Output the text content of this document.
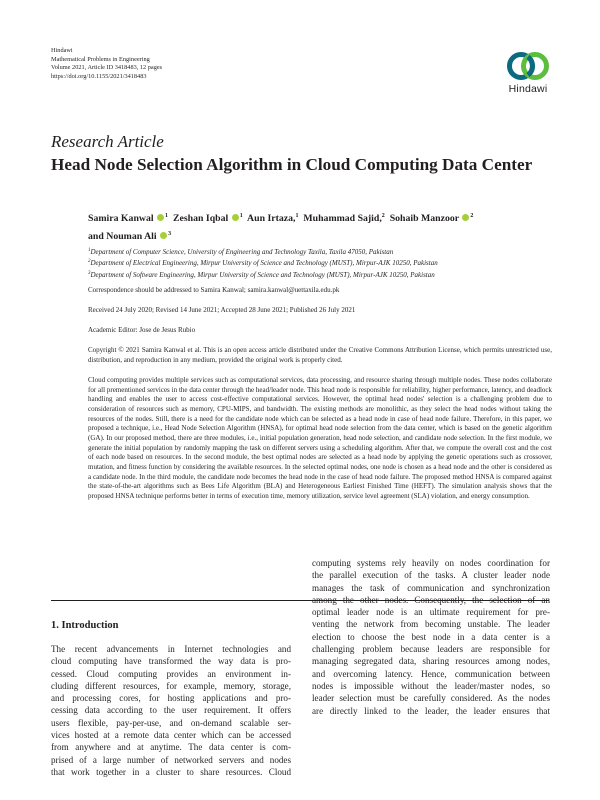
Hindawi
Mathematical Problems in Engineering
Volume 2021, Article ID 3418483, 12 pages
https://doi.org/10.1155/2021/3418483
Hindawi
Research Article
Head Node Selection Algorithm in Cloud Computing Data Center
Samira Kanwal $^1$ Zeshan Iqbal $^1$ Aun Irtaza,$^1$ Muhammad Sajid,$^2$ Sohaib Manzoor $^2$
and Nouman Ali $^3$
$^1$Department of Computer Science, University of Engineering and Technology Taxila, Taxila 47050, Pakistan
$^2$Department of Electrical Engineering, Mirpur University of Science and Technology (MUST), Mirpur-AJK 10250, Pakistan
$^3$Department of Software Engineering, Mirpur University of Science and Technology (MUST), Mirpur-AJK 10250, Pakistan
Correspondence should be addressed to Samira Kanwal; samira.kanwal@uettaxila.edu.pk
Received 24 July 2020; Revised 14 June 2021; Accepted 28 June 2021; Published 26 July 2021
Academic Editor: Jose de Jesus Rubio
Copyright © 2021 Samira Kanwal et al. This is an open access article distributed under the Creative Commons Attribution License, which permits unrestricted use, distribution, and reproduction in any medium, provided the original work is properly cited.
Cloud computing provides multiple services such as computational services, data processing, and resource sharing through multiple nodes. These nodes collaborate for all prementioned services in the data center through the head/leader node. This head node is responsible for reliability, higher performance, latency, and deadlock handling and enables the user to access cost-effective computational services. However, the optimal head nodes' selection is a challenging problem due to consideration of resources such as memory, CPU-MIPS, and bandwidth. The existing methods are monolithic, as they select the head nodes without taking the resources of the nodes. Still, there is a need for the candidate node which can be selected as a head node in case of head node failure. Therefore, in this paper, we proposed a technique, i.e., Head Node Selection Algorithm (HNSA), for optimal head node selection from the data center, which is based on the genetic algorithm (GA). In our proposed method, there are three modules, i.e., initial population generation, head node selection, and candidate node selection. In the first module, we generate the initial population by randomly mapping the task on different servers using a scheduling algorithm. After that, we compute the overall cost and the cost of each node based on resources. In the second module, the best optimal nodes are selected as a head node by applying the genetic operations such as crossover, mutation, and fitness function by considering the available resources. In the selected optimal nodes, one node is chosen as a head node and the other is considered as a candidate node. In the third module, the candidate node becomes the head node in the case of head node failure. The proposed method HNSA is compared against the state-of-the-art algorithms such as Bees Life Algorithm (BLA) and Heterogeneous Earliest Finished Time (HEFT). The simulation analysis shows that the proposed HNSA technique performs better in terms of execution time, memory utilization, service level agreement (SLA) violation, and energy consumption.
1. Introduction
The recent advancements in Internet technologies and
cloud computing have transformed the way data is pro-
cessed. Cloud computing provides an environment in-
cluding different resources, for example, memory, storage,
and processing cores, for hosting applications and pro-
cessing data according to the user requirement. It offers
users flexible, pay-per-use, and on-demand scalable ser-
vices hosted at a remote data center which can be accessed
from anywhere and at anytime. The data center is com-
prised of a large number of networked servers and nodes
that work together in a cluster to share resources. Cloud
computing systems rely heavily on nodes coordination for
the parallel execution of the tasks. A cluster leader node
manages the task of communication and synchronization
among the other nodes. Consequently, the selection of an
optimal leader node is an ultimate requirement for pre-
venting the network from becoming unstable. The leader
election to choose the best node in a data center is a
challenging problem because leaders are responsible for
managing segregated data, sharing resources among nodes,
and overcoming latency. Hence, communication between
nodes is impossible without the leader/master nodes, so
leader selection must be carefully considered. As the nodes
are directly linked to the leader, the leader ensures that
